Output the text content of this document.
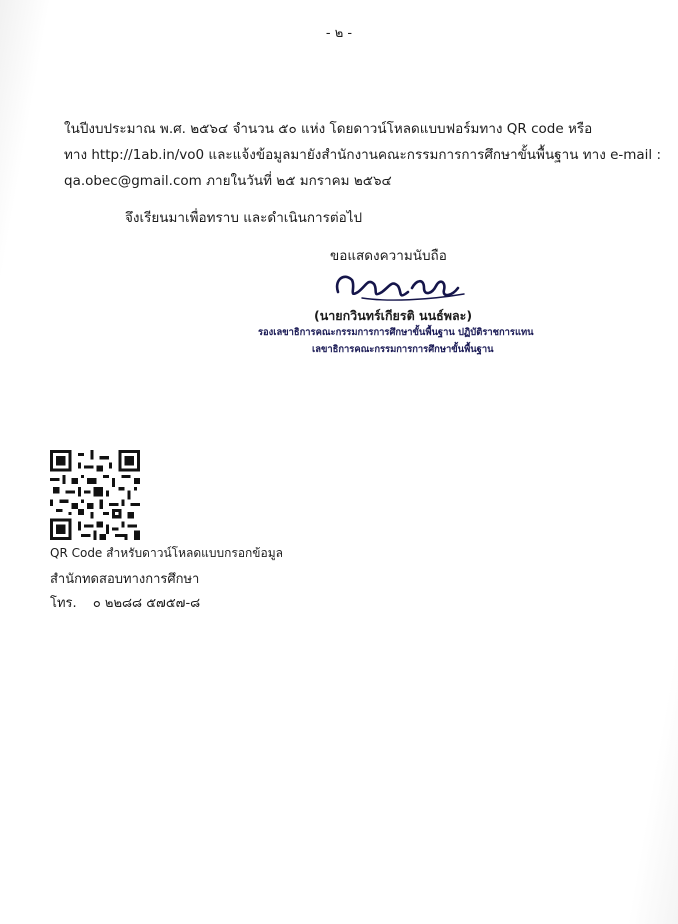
- ๒ -

ในปีงบประมาณ พ.ศ. ๒๕๖๔ จำนวน ๕๐ แห่ง โดยดาวน์โหลดแบบฟอร์มทาง QR code หรือ
ทาง http://1ab.in/vo0 และแจ้งข้อมูลมายังสำนักงานคณะกรรมการการศึกษาขั้นพื้นฐาน ทาง e-mail :
qa.obec@gmail.com ภายในวันที่ ๒๕ มกราคม ๒๕๖๔

จึงเรียนมาเพื่อทราบ และดำเนินการต่อไป
ขอแสดงความนับถือ
(นายกวินทร์เกียรติ นนธ์พละ)
รองเลขาธิการคณะกรรมการการศึกษาขั้นพื้นฐาน ปฏิบัติราชการแทน
เลขาธิการคณะกรรมการการศึกษาขั้นพื้นฐาน
QR Code สำหรับดาวน์โหลดแบบกรอกข้อมูล
สำนักทดสอบทางการศึกษา
โทร. ๐ ๒๒๘๘ ๕๗๕๗-๘
